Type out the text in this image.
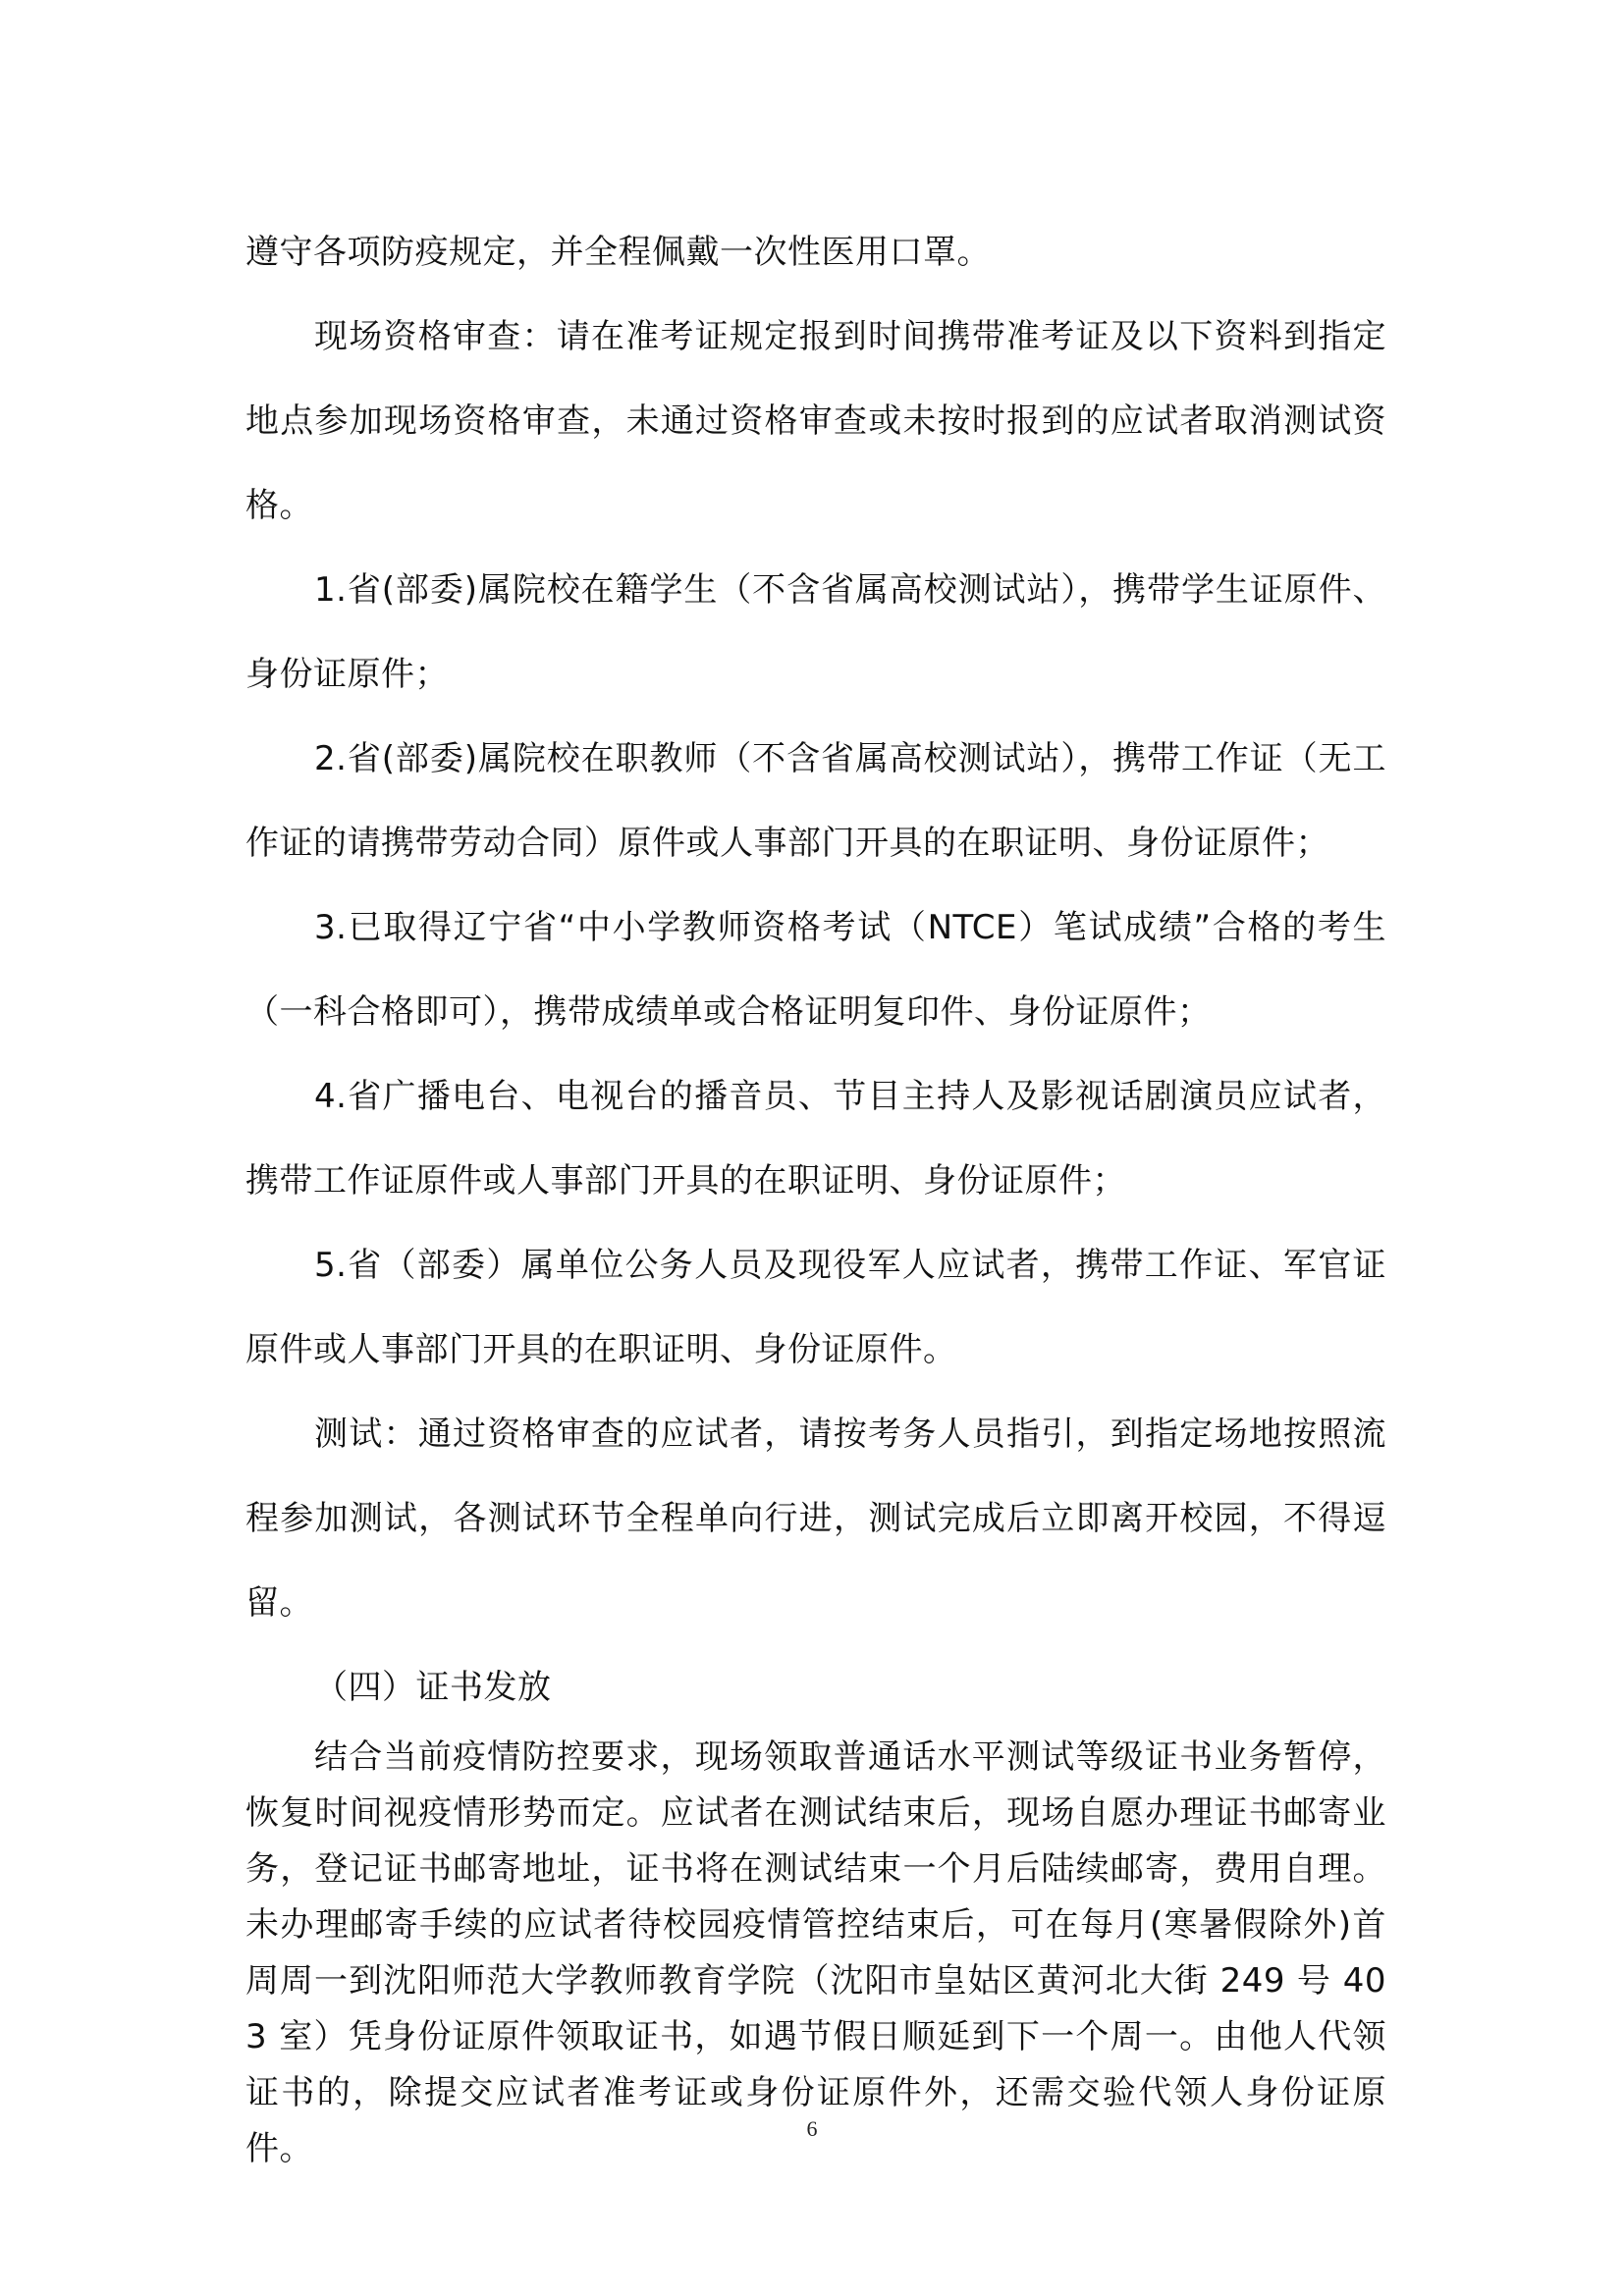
遵守各项防疫规定，并全程佩戴一次性医用口罩。

现场资格审查：请在准考证规定报到时间携带准考证及以下资料到指定地点参加现场资格审查，未通过资格审查或未按时报到的应试者取消测试资格。

1.省(部委)属院校在籍学生（不含省属高校测试站），携带学生证原件、身份证原件；

2.省(部委)属院校在职教师（不含省属高校测试站），携带工作证（无工作证的请携带劳动合同）原件或人事部门开具的在职证明、身份证原件；

3.已取得辽宁省“中小学教师资格考试（NTCE）笔试成绩”合格的考生（一科合格即可），携带成绩单或合格证明复印件、身份证原件；

4.省广播电台、电视台的播音员、节目主持人及影视话剧演员应试者，携带工作证原件或人事部门开具的在职证明、身份证原件；

5.省（部委）属单位公务人员及现役军人应试者，携带工作证、军官证原件或人事部门开具的在职证明、身份证原件。

测试：通过资格审查的应试者，请按考务人员指引，到指定场地按照流程参加测试，各测试环节全程单向行进，测试完成后立即离开校园，不得逗留。

（四）证书发放

结合当前疫情防控要求，现场领取普通话水平测试等级证书业务暂停，恢复时间视疫情形势而定。应试者在测试结束后，现场自愿办理证书邮寄业务，登记证书邮寄地址，证书将在测试结束一个月后陆续邮寄，费用自理。未办理邮寄手续的应试者待校园疫情管控结束后，可在每月(寒暑假除外)首周周一到沈阳师范大学教师教育学院（沈阳市皇姑区黄河北大街 249 号 403 室）凭身份证原件领取证书，如遇节假日顺延到下一个周一。由他人代领证书的，除提交应试者准考证或身份证原件外，还需交验代领人身份证原件。

6
